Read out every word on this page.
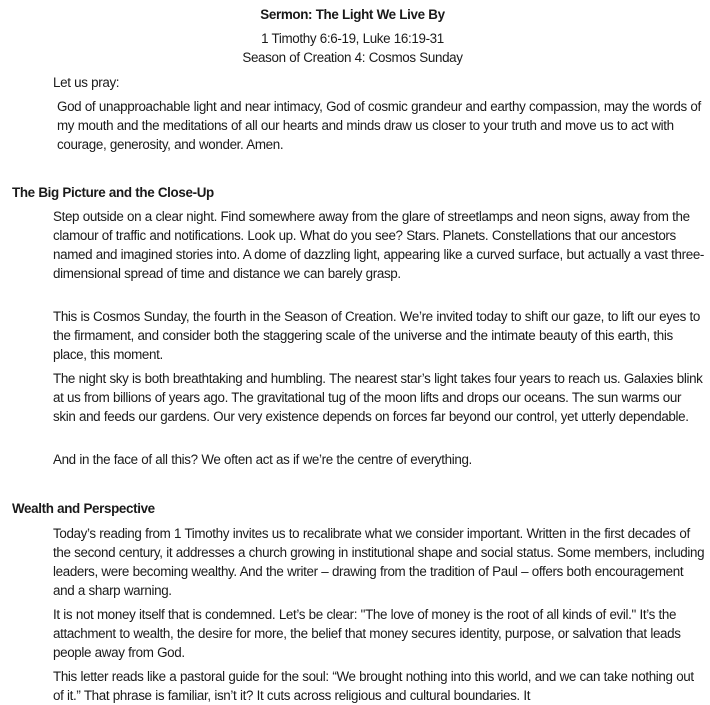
Sermon: The Light We Live By
1 Timothy 6:6-19, Luke 16:19-31
Season of Creation 4: Cosmos Sunday
Let us pray:

God of unapproachable light and near intimacy, God of cosmic grandeur and earthy compassion, may the words of my mouth and the meditations of all our hearts and minds draw us closer to your truth and move us to act with courage, generosity, and wonder. Amen.

The Big Picture and the Close-Up

Step outside on a clear night. Find somewhere away from the glare of streetlamps and neon signs, away from the clamour of traffic and notifications. Look up. What do you see? Stars. Planets. Constellations that our ancestors named and imagined stories into. A dome of dazzling light, appearing like a curved surface, but actually a vast three-dimensional spread of time and distance we can barely grasp.

This is Cosmos Sunday, the fourth in the Season of Creation. We’re invited today to shift our gaze, to lift our eyes to the firmament, and consider both the staggering scale of the universe and the intimate beauty of this earth, this place, this moment.

The night sky is both breathtaking and humbling. The nearest star’s light takes four years to reach us. Galaxies blink at us from billions of years ago. The gravitational tug of the moon lifts and drops our oceans. The sun warms our skin and feeds our gardens. Our very existence depends on forces far beyond our control, yet utterly dependable.

And in the face of all this? We often act as if we’re the centre of everything.

Wealth and Perspective

Today’s reading from 1 Timothy invites us to recalibrate what we consider important. Written in the first decades of the second century, it addresses a church growing in institutional shape and social status. Some members, including leaders, were becoming wealthy. And the writer – drawing from the tradition of Paul – offers both encouragement and a sharp warning.

It is not money itself that is condemned. Let’s be clear: "The love of money is the root of all kinds of evil." It’s the attachment to wealth, the desire for more, the belief that money secures identity, purpose, or salvation that leads people away from God.

This letter reads like a pastoral guide for the soul: “We brought nothing into this world, and we can take nothing out of it.” That phrase is familiar, isn’t it? It cuts across religious and cultural boundaries. It
